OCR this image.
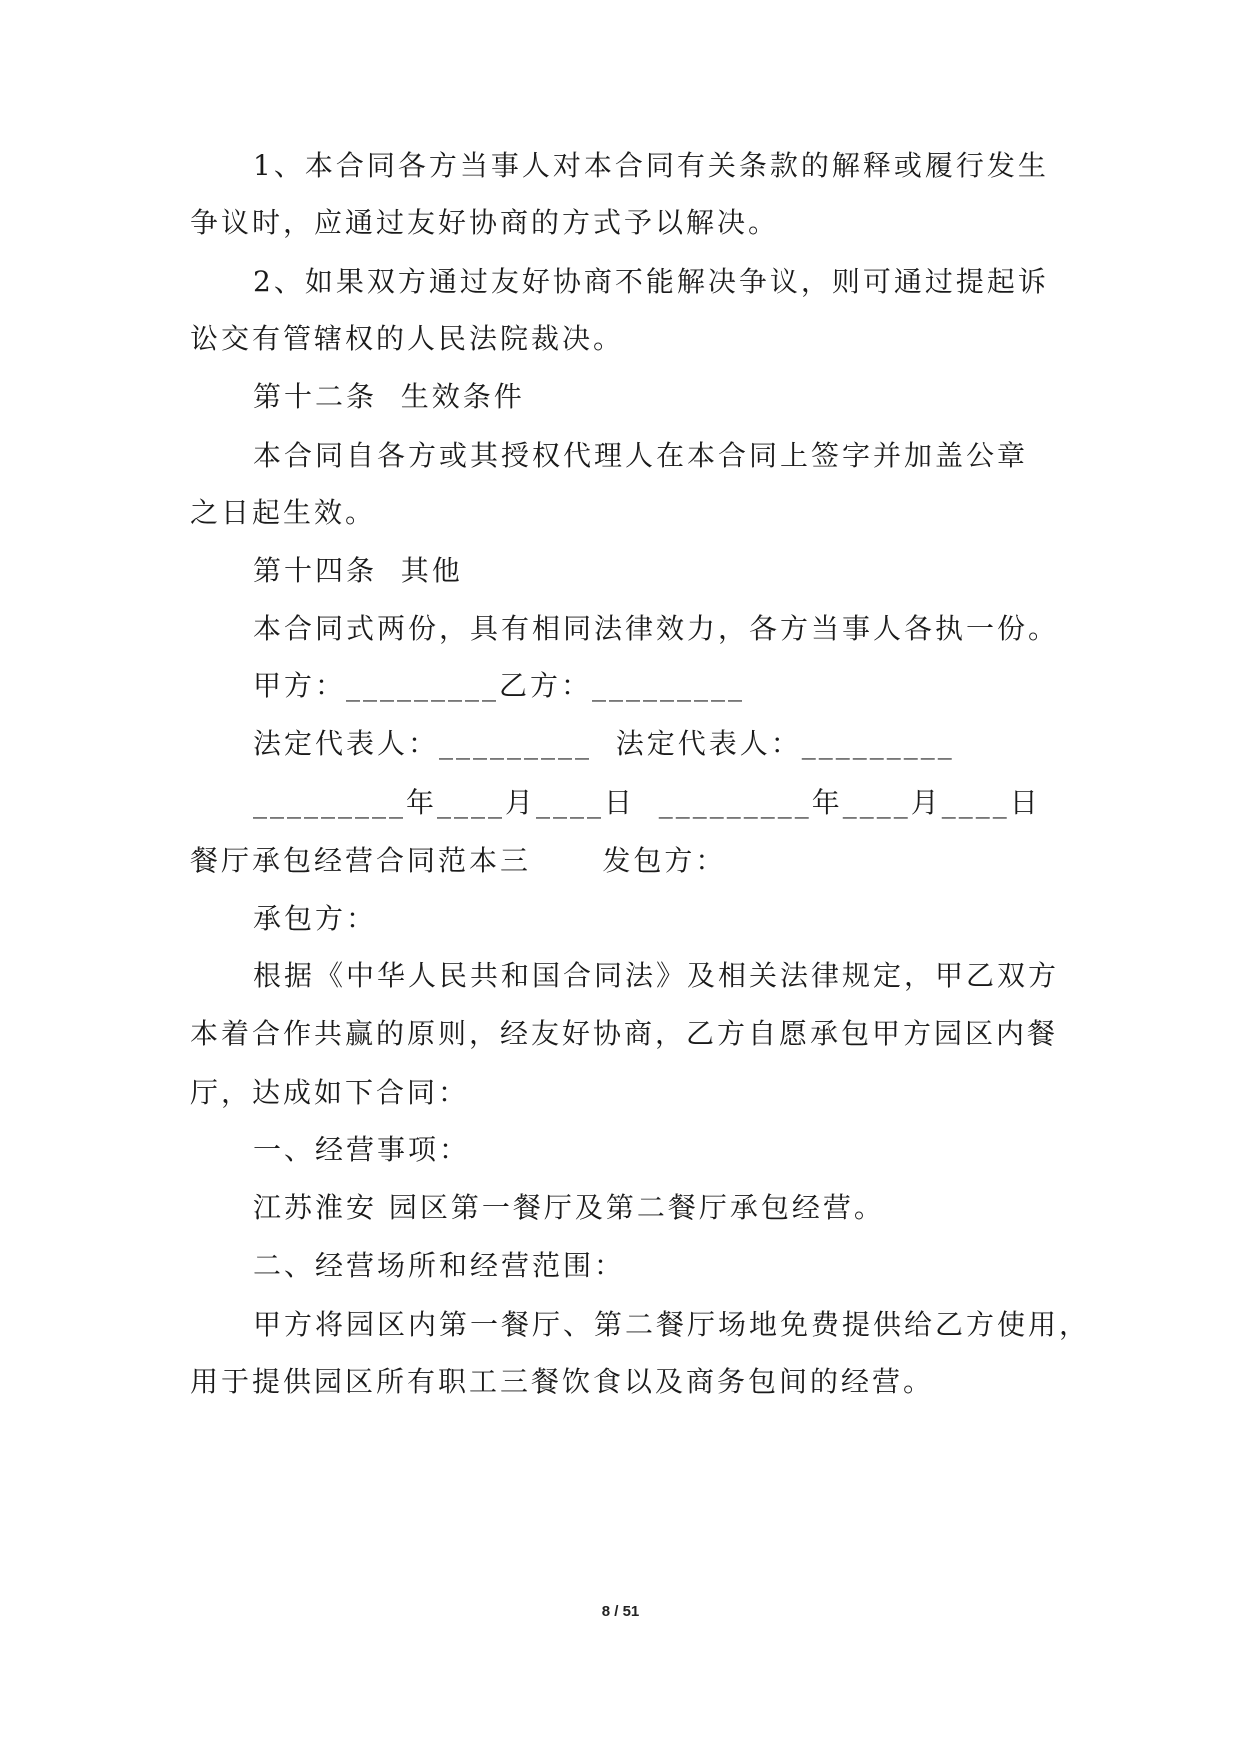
1、本合同各方当事人对本合同有关条款的解释或履行发生
争议时，应通过友好协商的方式予以解决。
2、如果双方通过友好协商不能解决争议，则可通过提起诉
讼交有管辖权的人民法院裁决。
第十二条  生效条件
本合同自各方或其授权代理人在本合同上签字并加盖公章
之日起生效。
第十四条  其他
本合同式两份，具有相同法律效力，各方当事人各执一份。
甲方：_________乙方：_________
法定代表人：_________  法定代表人：_________
_________年____月____日  _________年____月____日
餐厅承包经营合同范本三      发包方：
承包方：
根据《中华人民共和国合同法》及相关法律规定，甲乙双方
本着合作共赢的原则，经友好协商，乙方自愿承包甲方园区内餐
厅，达成如下合同：
一、经营事项：
江苏淮安 园区第一餐厅及第二餐厅承包经营。
二、经营场所和经营范围：
甲方将园区内第一餐厅、第二餐厅场地免费提供给乙方使用，
用于提供园区所有职工三餐饮食以及商务包间的经营。
8 / 51
